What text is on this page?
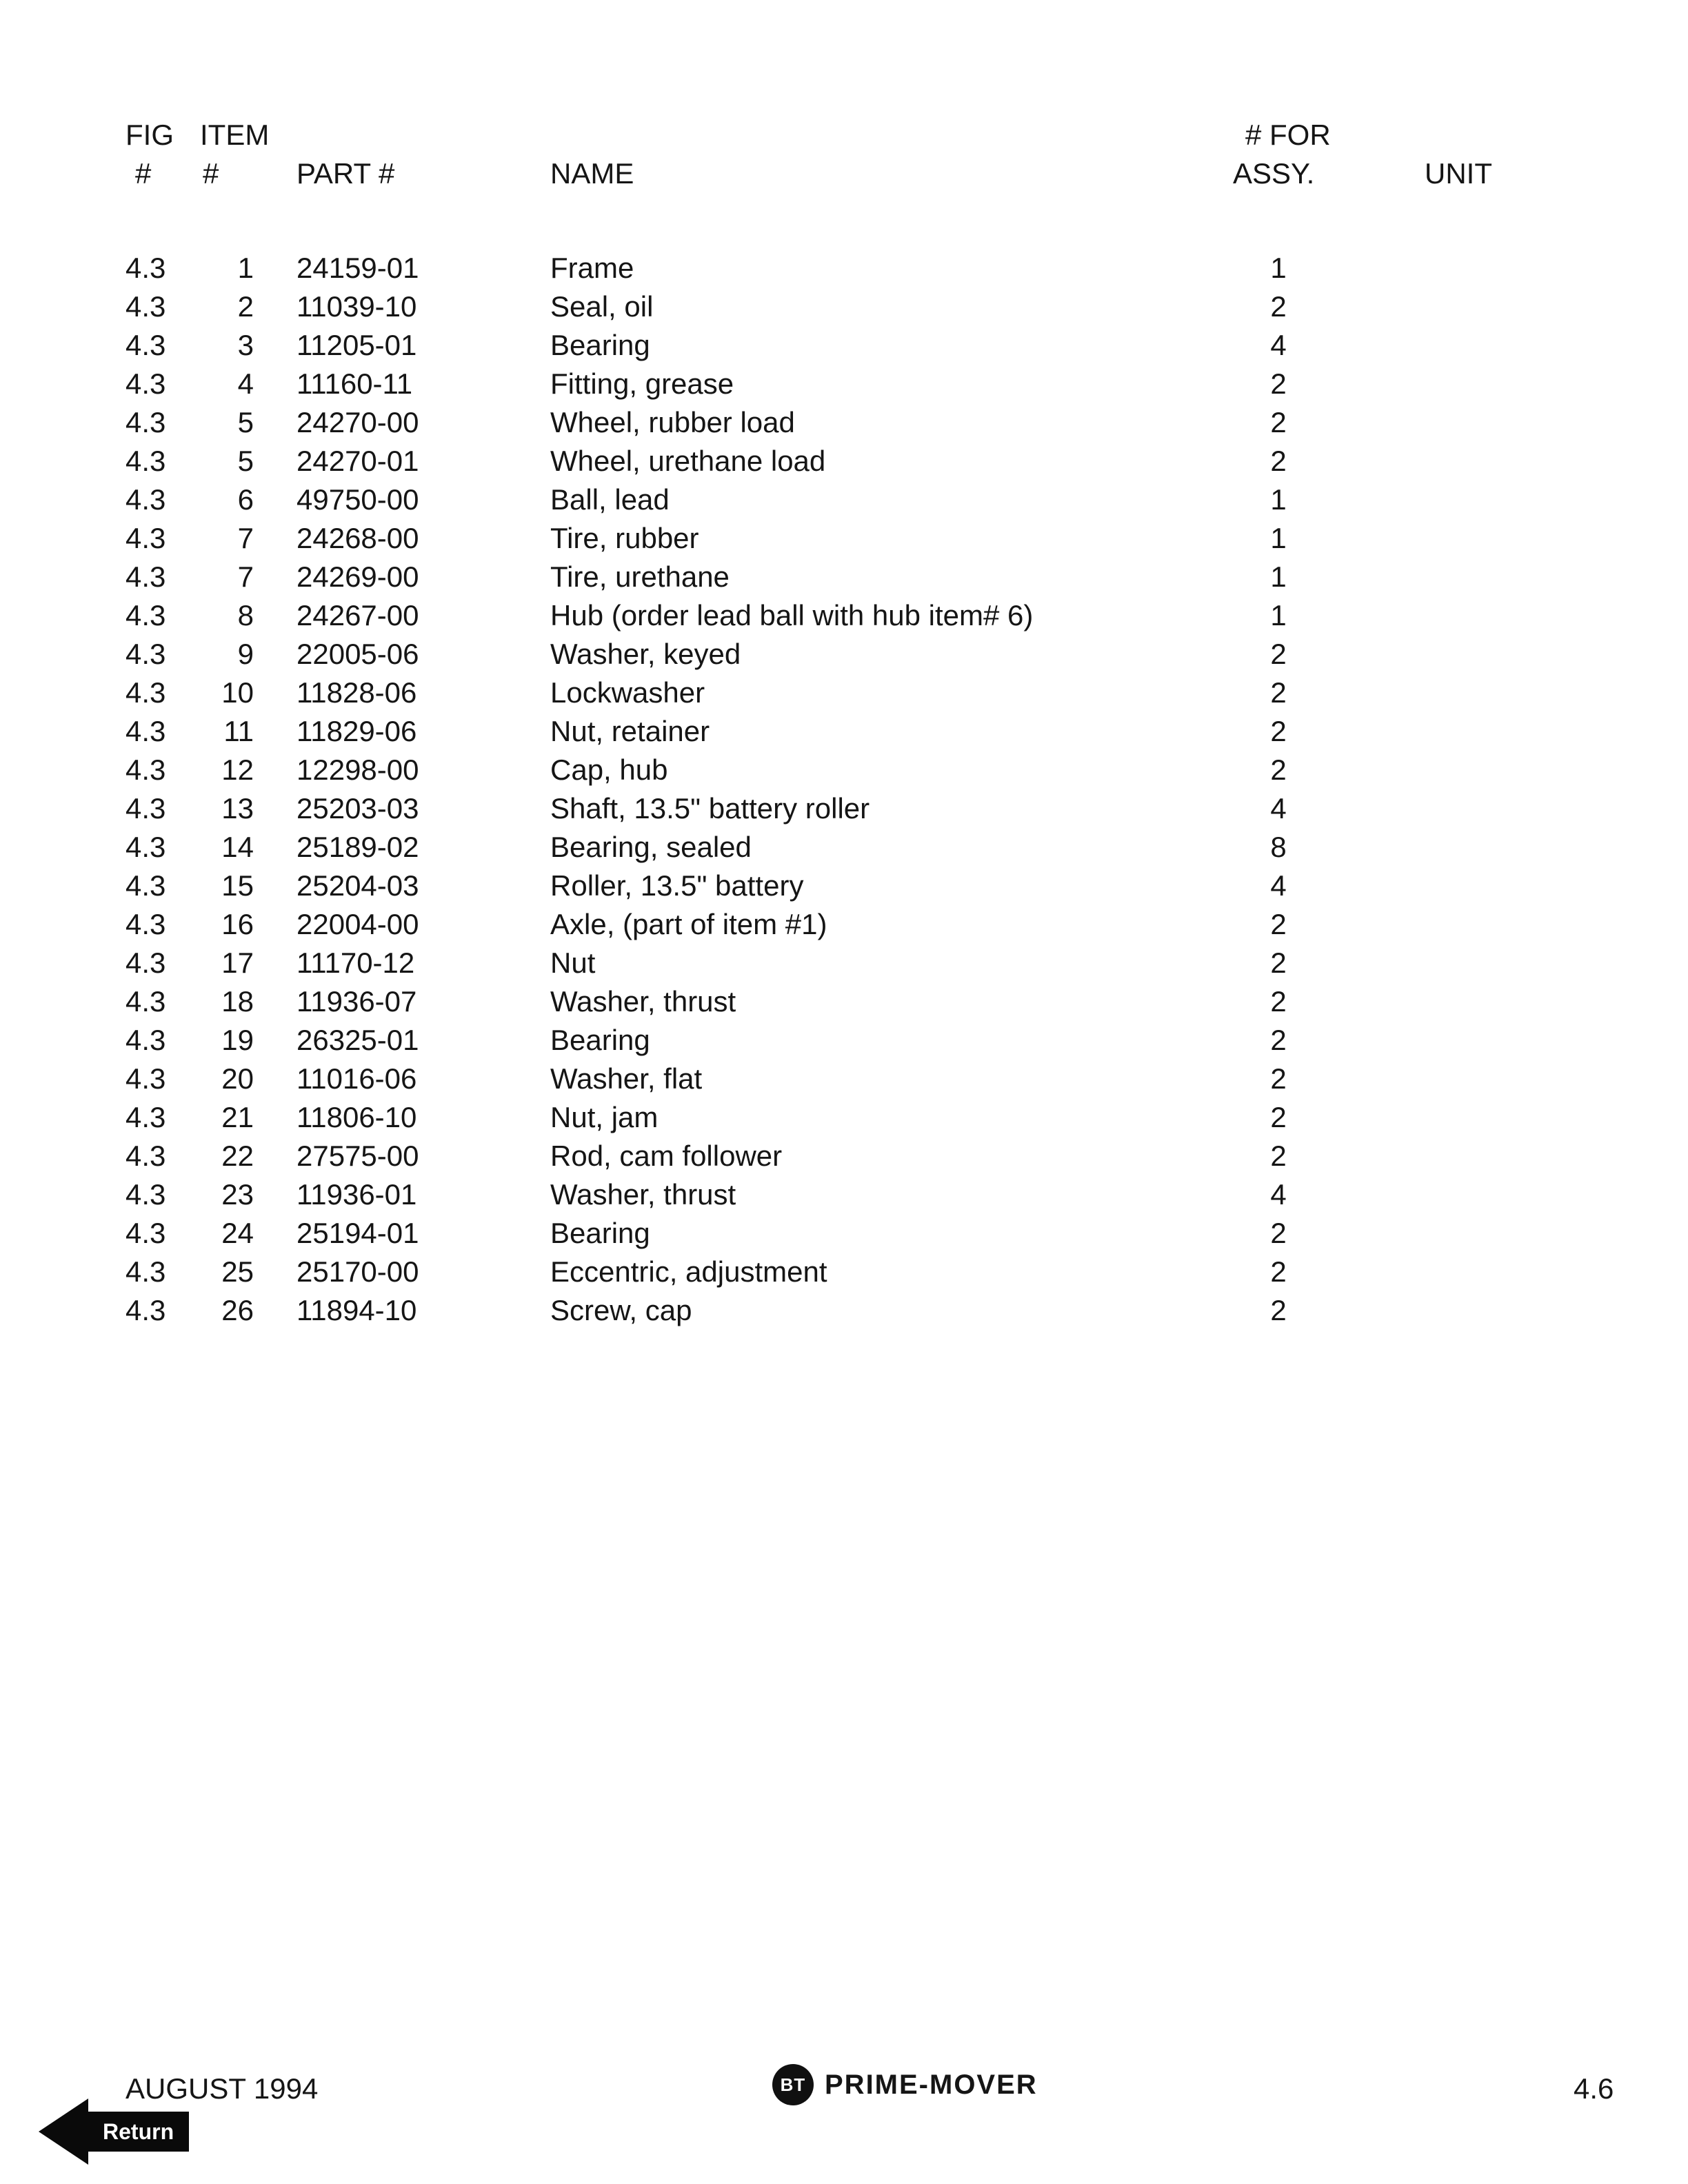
FIG ITEM	# FOR
# #	PART #	NAME	ASSY.	UNIT
4.3	1	24159-01	Frame	1
4.3	2	11039-10	Seal, oil	2
4.3	3	11205-01	Bearing	4
4.3	4	11160-11	Fitting, grease	2
4.3	5	24270-00	Wheel, rubber load	2
4.3	5	24270-01	Wheel, urethane load	2
4.3	6	49750-00	Ball, lead	1
4.3	7	24268-00	Tire, rubber	1
4.3	7	24269-00	Tire, urethane	1
4.3	8	24267-00	Hub (order lead ball with hub item# 6)	1
4.3	9	22005-06	Washer, keyed	2
4.3	10	11828-06	Lockwasher	2
4.3	11	11829-06	Nut, retainer	2
4.3	12	12298-00	Cap, hub	2
4.3	13	25203-03	Shaft, 13.5" battery roller	4
4.3	14	25189-02	Bearing, sealed	8
4.3	15	25204-03	Roller, 13.5" battery	4
4.3	16	22004-00	Axle, (part of item #1)	2
4.3	17	11170-12	Nut	2
4.3	18	11936-07	Washer, thrust	2
4.3	19	26325-01	Bearing	2
4.3	20	11016-06	Washer, flat	2
4.3	21	11806-10	Nut, jam	2
4.3	22	27575-00	Rod, cam follower	2
4.3	23	11936-01	Washer, thrust	4
4.3	24	25194-01	Bearing	2
4.3	25	25170-00	Eccentric, adjustment	2
4.3	26	11894-10	Screw, cap	2
AUGUST 1994	BT PRIME-MOVER	4.6
Return
